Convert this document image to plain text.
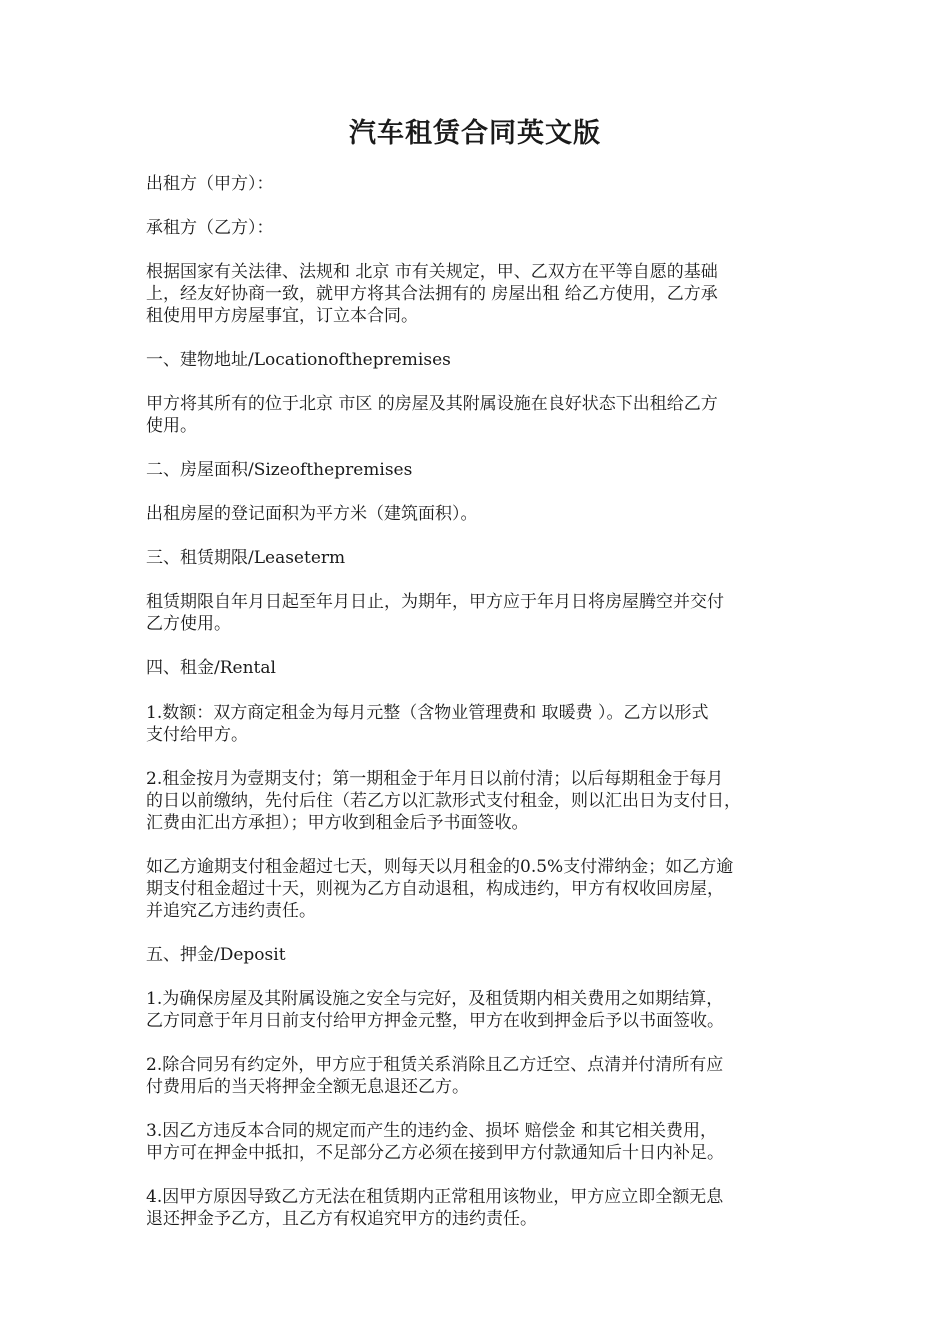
汽车租赁合同英文版
出租方（甲方）：
承租方（乙方）：
根据国家有关法律、法规和 北京 市有关规定，甲、乙双方在平等自愿的基础
上，经友好协商一致，就甲方将其合法拥有的 房屋出租 给乙方使用，乙方承
租使用甲方房屋事宜，订立本合同。
一、建物地址/Locationofthepremises
甲方将其所有的位于北京 市区 的房屋及其附属设施在良好状态下出租给乙方
使用。
二、房屋面积/Sizeofthepremises
出租房屋的登记面积为平方米（建筑面积）。
三、租赁期限/Leaseterm
租赁期限自年月日起至年月日止，为期年，甲方应于年月日将房屋腾空并交付
乙方使用。
四、租金/Rental
1.数额：双方商定租金为每月元整（含物业管理费和 取暖费 ）。乙方以形式
支付给甲方。
2.租金按月为壹期支付；第一期租金于年月日以前付清；以后每期租金于每月
的日以前缴纳，先付后住（若乙方以汇款形式支付租金，则以汇出日为支付日，
汇费由汇出方承担）；甲方收到租金后予书面签收。
如乙方逾期支付租金超过七天，则每天以月租金的0.5%支付滞纳金；如乙方逾
期支付租金超过十天，则视为乙方自动退租，构成违约，甲方有权收回房屋，
并追究乙方违约责任。
五、押金/Deposit
1.为确保房屋及其附属设施之安全与完好，及租赁期内相关费用之如期结算，
乙方同意于年月日前支付给甲方押金元整，甲方在收到押金后予以书面签收。
2.除合同另有约定外，甲方应于租赁关系消除且乙方迁空、点清并付清所有应
付费用后的当天将押金全额无息退还乙方。
3.因乙方违反本合同的规定而产生的违约金、损坏 赔偿金 和其它相关费用，
甲方可在押金中抵扣，不足部分乙方必须在接到甲方付款通知后十日内补足。
4.因甲方原因导致乙方无法在租赁期内正常租用该物业，甲方应立即全额无息
退还押金予乙方，且乙方有权追究甲方的违约责任。
